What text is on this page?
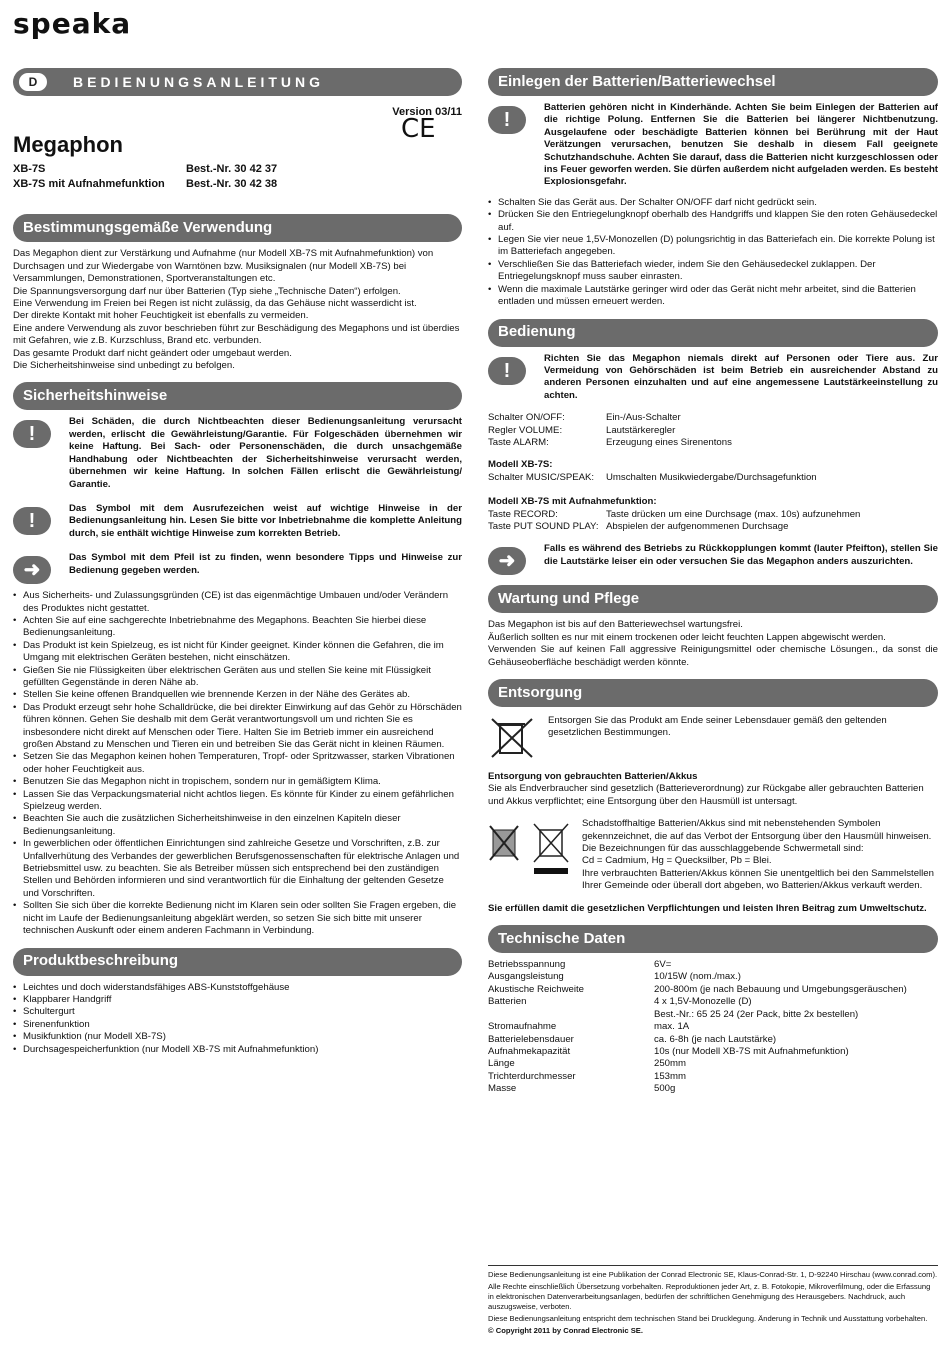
speaka
D	BEDIENUNGSANLEITUNG
Version 03/11
CE
Megaphon
XB-7S	Best.-Nr. 30 42 37
XB-7S mit Aufnahmefunktion	Best.-Nr. 30 42 38
Bestimmungsgemäße Verwendung

Das Megaphon dient zur Verstärkung und Aufnahme (nur Modell XB-7S mit Aufnahmefunktion) von Durchsagen und zur Wiedergabe von Warntönen bzw. Musiksignalen (nur Modell XB-7S) bei Versammlungen, Demonstrationen, Sportveranstaltungen etc.

Die Spannungsversorgung darf nur über Batterien (Typ siehe „Technische Daten“) erfolgen.

Eine Verwendung im Freien bei Regen ist nicht zulässig, da das Gehäuse nicht wasserdicht ist.

Der direkte Kontakt mit hoher Feuchtigkeit ist ebenfalls zu vermeiden.

Eine andere Verwendung als zuvor beschrieben führt zur Beschädigung des Megaphons und ist überdies mit Gefahren, wie z.B. Kurzschluss, Brand etc. verbunden.

Das gesamte Produkt darf nicht geändert oder umgebaut werden.

Die Sicherheitshinweise sind unbedingt zu befolgen.

Sicherheitshinweise
!
Bei Schäden, die durch Nichtbeachten dieser Bedienungsanleitung verursacht werden, erlischt die Gewährleistung/Garantie. Für Folgeschäden übernehmen wir keine Haftung. Bei Sach- oder Personenschäden, die durch unsachgemäße Handhabung oder Nichtbeachten der Sicherheitshinweise verursacht werden, übernehmen wir keine Haftung. In solchen Fällen erlischt die Gewährleistung/ Garantie.
!
Das Symbol mit dem Ausrufezeichen weist auf wichtige Hinweise in der Bedienungsanleitung hin. Lesen Sie bitte vor Inbetriebnahme die komplette Anleitung durch, sie enthält wichtige Hinweise zum korrekten Betrieb.
➜
Das Symbol mit dem Pfeil ist zu finden, wenn besondere Tipps und Hinweise zur Bedienung gegeben werden.
• Aus Sicherheits- und Zulassungsgründen (CE) ist das eigenmächtige Umbauen und/oder Verändern des Produktes nicht gestattet.
• Achten Sie auf eine sachgerechte Inbetriebnahme des Megaphons. Beachten Sie hierbei diese Bedienungsanleitung.
• Das Produkt ist kein Spielzeug, es ist nicht für Kinder geeignet. Kinder können die Gefahren, die im Umgang mit elektrischen Geräten bestehen, nicht einschätzen.
• Gießen Sie nie Flüssigkeiten über elektrischen Geräten aus und stellen Sie keine mit Flüssigkeit gefüllten Gegenstände in deren Nähe ab.
• Stellen Sie keine offenen Brandquellen wie brennende Kerzen in der Nähe des Gerätes ab.
• Das Produkt erzeugt sehr hohe Schalldrücke, die bei direkter Einwirkung auf das Gehör zu Hörschäden führen können. Gehen Sie deshalb mit dem Gerät verantwortungsvoll um und richten Sie es insbesondere nicht direkt auf Menschen oder Tiere. Halten Sie im Betrieb immer ein ausreichend großen Abstand zu Menschen und Tieren ein und betreiben Sie das Gerät nicht in kleinen Räumen.
• Setzen Sie das Megaphon keinen hohen Temperaturen, Tropf- oder Spritzwasser, starken Vibrationen oder hoher Feuchtigkeit aus.
• Benutzen Sie das Megaphon nicht in tropischem, sondern nur in gemäßigtem Klima.
• Lassen Sie das Verpackungsmaterial nicht achtlos liegen. Es könnte für Kinder zu einem gefährlichen Spielzeug werden.
• Beachten Sie auch die zusätzlichen Sicherheitshinweise in den einzelnen Kapiteln dieser Bedienungsanleitung.
• In gewerblichen oder öffentlichen Einrichtungen sind zahlreiche Gesetze und Vorschriften, z.B. zur Unfallverhütung des Verbandes der gewerblichen Berufsgenossenschaften für elektrische Anlagen und Betriebsmittel usw. zu beachten. Sie als Betreiber müssen sich entsprechend bei den zuständigen Stellen und Behörden informieren und sind verantwortlich für die Einhaltung der geltenden Gesetze und Vorschriften.
• Sollten Sie sich über die korrekte Bedienung nicht im Klaren sein oder sollten Sie Fragen ergeben, die nicht im Laufe der Bedienungsanleitung abgeklärt werden, so setzen Sie sich bitte mit unserer technischen Auskunft oder einem anderen Fachmann in Verbindung.
Produktbeschreibung
• Leichtes und doch widerstandsfähiges ABS-Kunststoffgehäuse
• Klappbarer Handgriff
• Schultergurt
• Sirenenfunktion
• Musikfunktion (nur Modell XB-7S)
• Durchsagespeicherfunktion (nur Modell XB-7S mit Aufnahmefunktion)
Einlegen der Batterien/Batteriewechsel
!
Batterien gehören nicht in Kinderhände. Achten Sie beim Einlegen der Batterien auf die richtige Polung. Entfernen Sie die Batterien bei längerer Nichtbenutzung. Ausgelaufene oder beschädigte Batterien können bei Berührung mit der Haut Verätzungen verursachen, benutzen Sie deshalb in diesem Fall geeignete Schutzhandschuhe. Achten Sie darauf, dass die Batterien nicht kurzgeschlossen oder ins Feuer geworfen werden. Sie dürfen außerdem nicht aufgeladen werden. Es besteht Explosionsgefahr.
• Schalten Sie das Gerät aus. Der Schalter ON/OFF darf nicht gedrückt sein.
• Drücken Sie den Entriegelungknopf oberhalb des Handgriffs und klappen Sie den roten Gehäusedeckel auf.
• Legen Sie vier neue 1,5V-Monozellen (D) polungsrichtig in das Batteriefach ein. Die korrekte Polung ist im Batteriefach angegeben.
• Verschließen Sie das Batteriefach wieder, indem Sie den Gehäusedeckel zuklappen. Der Entriegelungsknopf muss sauber einrasten.
• Wenn die maximale Lautstärke geringer wird oder das Gerät nicht mehr arbeitet, sind die Batterien entladen und müssen erneuert werden.
Bedienung
!
Richten Sie das Megaphon niemals direkt auf Personen oder Tiere aus. Zur Vermeidung von Gehörschäden ist beim Betrieb ein ausreichender Abstand zu anderen Personen einzuhalten und auf eine angemessene Lautstärkeeinstellung zu achten.
Schalter ON/OFF:	Ein-/Aus-Schalter
Regler VOLUME:	Lautstärkeregler
Taste ALARM:	Erzeugung eines Sirenentons
Modell XB-7S:
Schalter MUSIC/SPEAK:	Umschalten Musikwiedergabe/Durchsagefunktion
Modell XB-7S mit Aufnahmefunktion:
Taste RECORD:	Taste drücken um eine Durchsage (max. 10s) aufzunehmen
Taste PUT SOUND PLAY: Abspielen der aufgenommenen Durchsage
➜
Falls es während des Betriebs zu Rückkopplungen kommt (lauter Pfeifton), stellen Sie die Lautstärke leiser ein oder versuchen Sie das Megaphon anders auszurichten.
Wartung und Pflege

Das Megaphon ist bis auf den Batteriewechsel wartungsfrei.

Äußerlich sollten es nur mit einem trockenen oder leicht feuchten Lappen abgewischt werden.

Verwenden Sie auf keinen Fall aggressive Reinigungsmittel oder chemische Lösungen., da sonst die Gehäuseoberfläche beschädigt werden könnte.

Entsorgung
Entsorgen Sie das Produkt am Ende seiner Lebensdauer gemäß den geltenden gesetzlichen Bestimmungen.
Entsorgung von gebrauchten Batterien/Akkus
Sie als Endverbraucher sind gesetzlich (Batterieverordnung) zur Rückgabe aller gebrauchten Batterien und Akkus verpflichtet; eine Entsorgung über den Hausmüll ist untersagt.

Schadstoffhaltige Batterien/Akkus sind mit nebenstehenden Symbolen gekennzeichnet, die auf das Verbot der Entsorgung über den Hausmüll hinweisen.

Die Bezeichnungen für das ausschlaggebende Schwermetall sind:

Cd = Cadmium, Hg = Quecksilber, Pb = Blei.

Ihre verbrauchten Batterien/Akkus können Sie unentgeltlich bei den Sammelstellen Ihrer Gemeinde oder überall dort abgeben, wo Batterien/Akkus verkauft werden.

Sie erfüllen damit die gesetzlichen Verpflichtungen und leisten Ihren Beitrag zum Umweltschutz.
Technische Daten
Betriebsspannung	6V=
Ausgangsleistung	10/15W (nom./max.)
Akustische Reichweite	200-800m (je nach Bebauung und Umgebungsgeräuschen)
Batterien	4 x 1,5V-Monozelle (D)
Best.-Nr.: 65 25 24 (2er Pack, bitte 2x bestellen)
Stromaufnahme	max. 1A
Batterielebensdauer	ca. 6-8h (je nach Lautstärke)
Aufnahmekapazität	10s (nur Modell XB-7S mit Aufnahmefunktion)
Länge	250mm
Trichterdurchmesser	153mm
Masse	500g

Diese Bedienungsanleitung ist eine Publikation der Conrad Electronic SE, Klaus-Conrad-Str. 1, D-92240 Hirschau (www.conrad.com).

Alle Rechte einschließlich Übersetzung vorbehalten. Reproduktionen jeder Art, z. B. Fotokopie, Mikroverfilmung, oder die Erfassung in elektronischen Datenverarbeitungsanlagen, bedürfen der schriftlichen Genehmigung des Herausgebers. Nachdruck, auch auszugsweise, verboten.

Diese Bedienungsanleitung entspricht dem technischen Stand bei Drucklegung. Änderung in Technik und Ausstattung vorbehalten.

© Copyright 2011 by Conrad Electronic SE.
